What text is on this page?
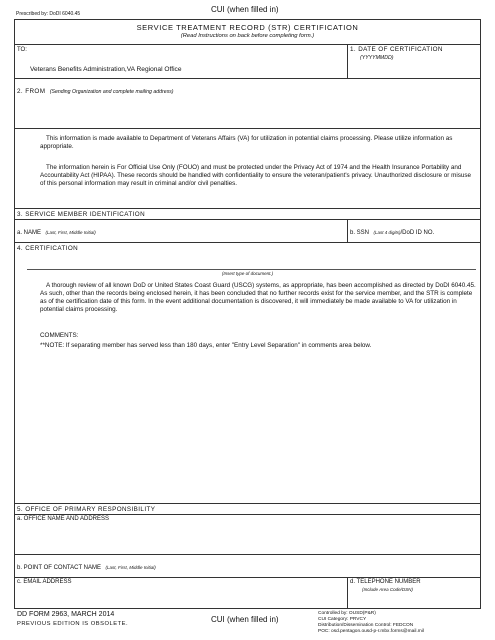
Prescribed by: DoDI 6040.45	CUI (when filled in)
SERVICE TREATMENT RECORD (STR) CERTIFICATION
(Read Instructions on back before completing form.)
TO:
Veterans Benefits Administration,VA Regional Office
1. DATE OF CERTIFICATION
(YYYYMMDD)
2. FROM (Sending Organization and complete mailing address)
This information is made available to Department of Veterans Affairs (VA) for utilization in potential claims processing. Please utilize information as appropriate.
The information herein is For Official Use Only (FOUO) and must be protected under the Privacy Act of 1974 and the Health Insurance Portability and Accountability Act (HIPAA). These records should be handled with confidentiality to ensure the veteran/patient's privacy. Unauthorized disclosure or misuse of this personal information may result in criminal and/or civil penalties.
3. SERVICE MEMBER IDENTIFICATION
a. NAME (Last, First, Middle Initial)	b. SSN (Last 4 digits)/DoD ID NO.
4. CERTIFICATION
(Insert type of document.)
A thorough review of all known DoD or United States Coast Guard (USCG) systems, as appropriate, has been accomplished as directed by DoDI 6040.45. As such, other than the records being enclosed herein, it has been concluded that no further records exist for the service member, and the STR is complete as of the certification date of this form. In the event additional documentation is discovered, it will immediately be made available to VA for utilization in potential claims processing.
COMMENTS:
**NOTE: If separating member has served less than 180 days, enter "Entry Level Separation" in comments area below.
5. OFFICE OF PRIMARY RESPONSIBILITY
a. OFFICE NAME AND ADDRESS
b. POINT OF CONTACT NAME (Last, First, Middle Initial)
c. EMAIL ADDRESS	d. TELEPHONE NUMBER
(Include Area Code/DSN)
DD FORM 2963, MARCH 2014
PREVIOUS EDITION IS OBSOLETE.	CUI (when filled in)
Controlled by: OUSD(P&R)
CUI Category: PRVCY
Distribution/Dissemination Control: FEDCON
POC: osd.pentagon.ousd-p-r.mbx.forms@mail.mil
